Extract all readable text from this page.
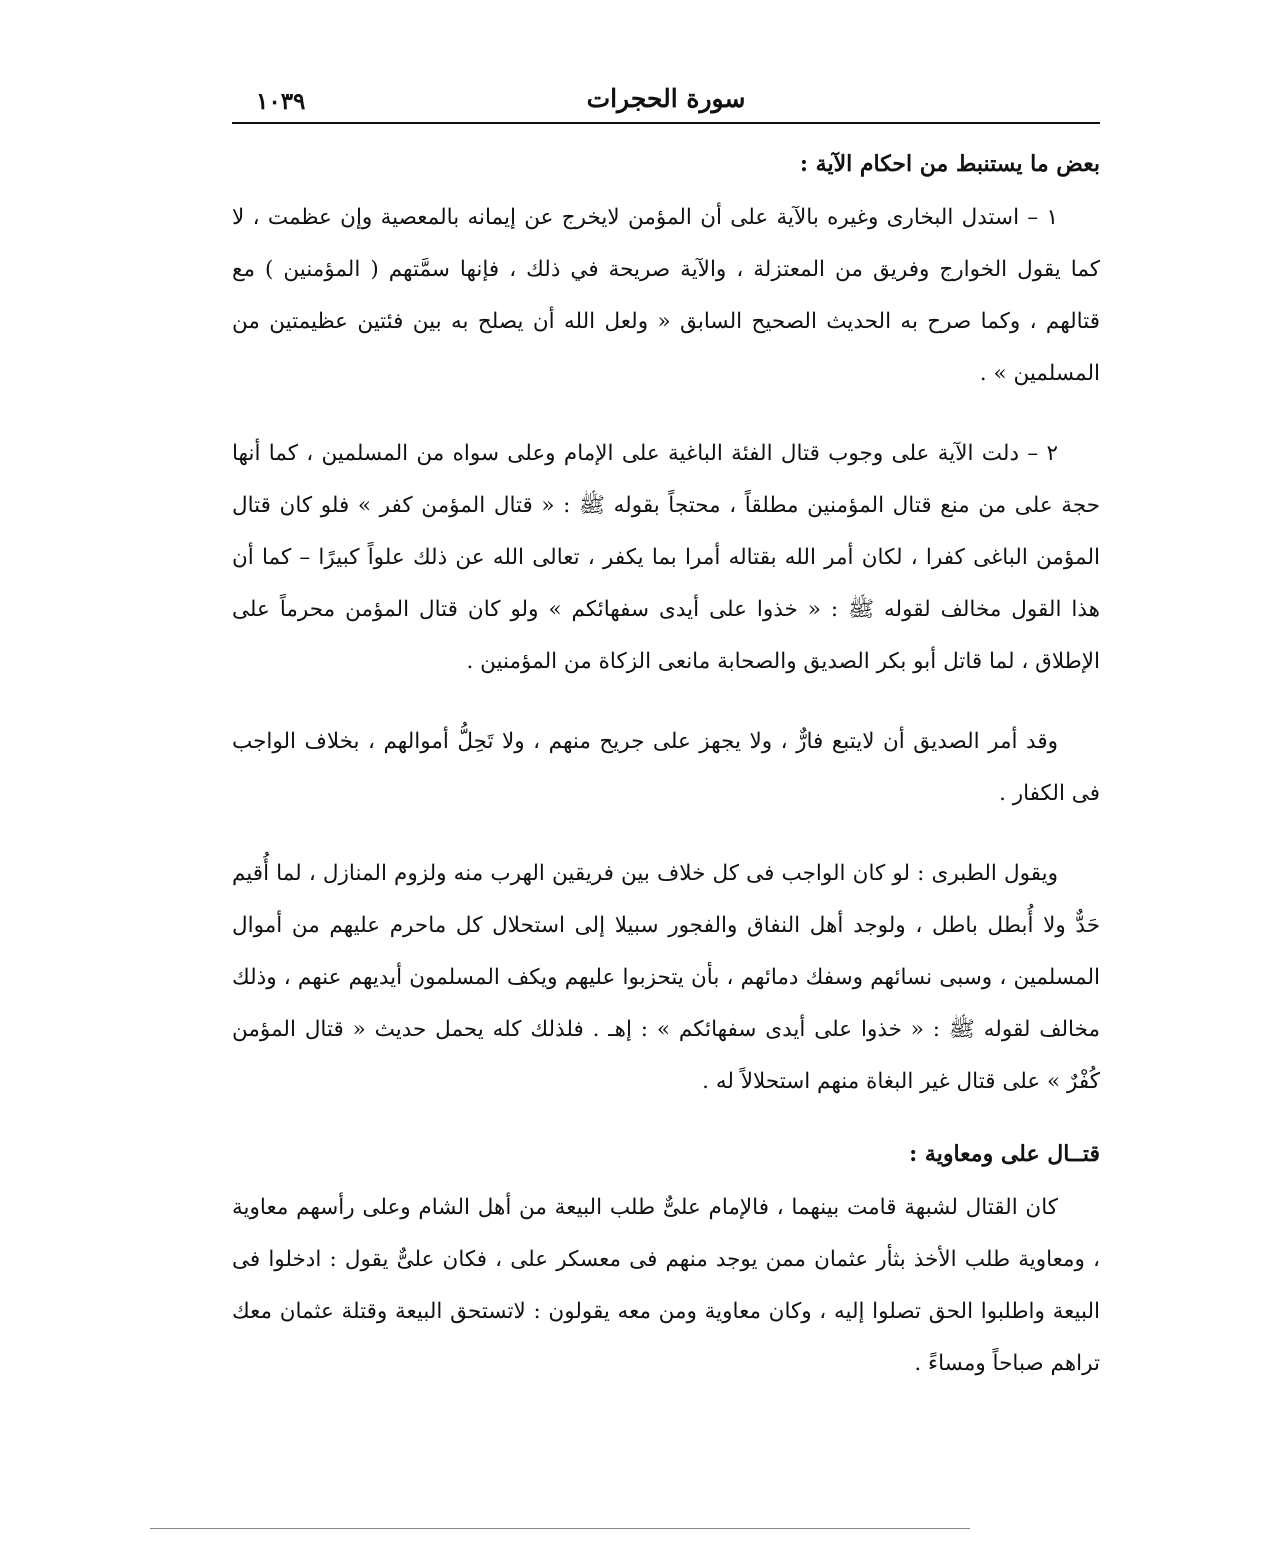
سورة الحجرات
١٠٣٩
بعض ما يستنبط من احكام الآية :

١ – استدل البخارى وغيره بالآية على أن المؤمن لايخرج عن إيمانه بالمعصية وإن عظمت ، لا كما يقول الخوارج وفريق من المعتزلة ، والآية صريحة في ذلك ، فإنها سمَّتهم ( المؤمنين ) مع قتالهم ، وكما صرح به الحديث الصحيح السابق « ولعل الله أن يصلح به بين فئتين عظيمتين من المسلمين » .

٢ – دلت الآية على وجوب قتال الفئة الباغية على الإمام وعلى سواه من المسلمين ، كما أنها حجة على من منع قتال المؤمنين مطلقاً ، محتجاً بقوله ﷺ : « قتال المؤمن كفر » فلو كان قتال المؤمن الباغى كفرا ، لكان أمر الله بقتاله أمرا بما يكفر ، تعالى الله عن ذلك علواً كبيرًا – كما أن هذا القول مخالف لقوله ﷺ : « خذوا على أيدى سفهائكم » ولو كان قتال المؤمن محرماً على الإطلاق ، لما قاتل أبو بكر الصديق والصحابة مانعى الزكاة من المؤمنين .

وقد أمر الصديق أن لايتبع فارٌّ ، ولا يجهز على جريح منهم ، ولا تَحِلُّ أموالهم ، بخلاف الواجب فى الكفار .

ويقول الطبرى : لو كان الواجب فى كل خلاف بين فريقين الهرب منه ولزوم المنازل ، لما أُقيم حَدٌّ ولا أُبطل باطل ، ولوجد أهل النفاق والفجور سبيلا إلى استحلال كل ماحرم عليهم من أموال المسلمين ، وسبى نسائهم وسفك دمائهم ، بأن يتحزبوا عليهم ويكف المسلمون أيديهم عنهم ، وذلك مخالف لقوله ﷺ : « خذوا على أيدى سفهائكم » : إهـ . فلذلك كله يحمل حديث « قتال المؤمن كُفْرٌ » على قتال غير البغاة منهم استحلالاً له .

قتــال على ومعاوية :

كان القتال لشبهة قامت بينهما ، فالإمام علىٌّ طلب البيعة من أهل الشام وعلى رأسهم معاوية ، ومعاوية طلب الأخذ بثأر عثمان ممن يوجد منهم فى معسكر على ، فكان علىٌّ يقول : ادخلوا فى البيعة واطلبوا الحق تصلوا إليه ، وكان معاوية ومن معه يقولون : لاتستحق البيعة وقتلة عثمان معك تراهم صباحاً ومساءً .
